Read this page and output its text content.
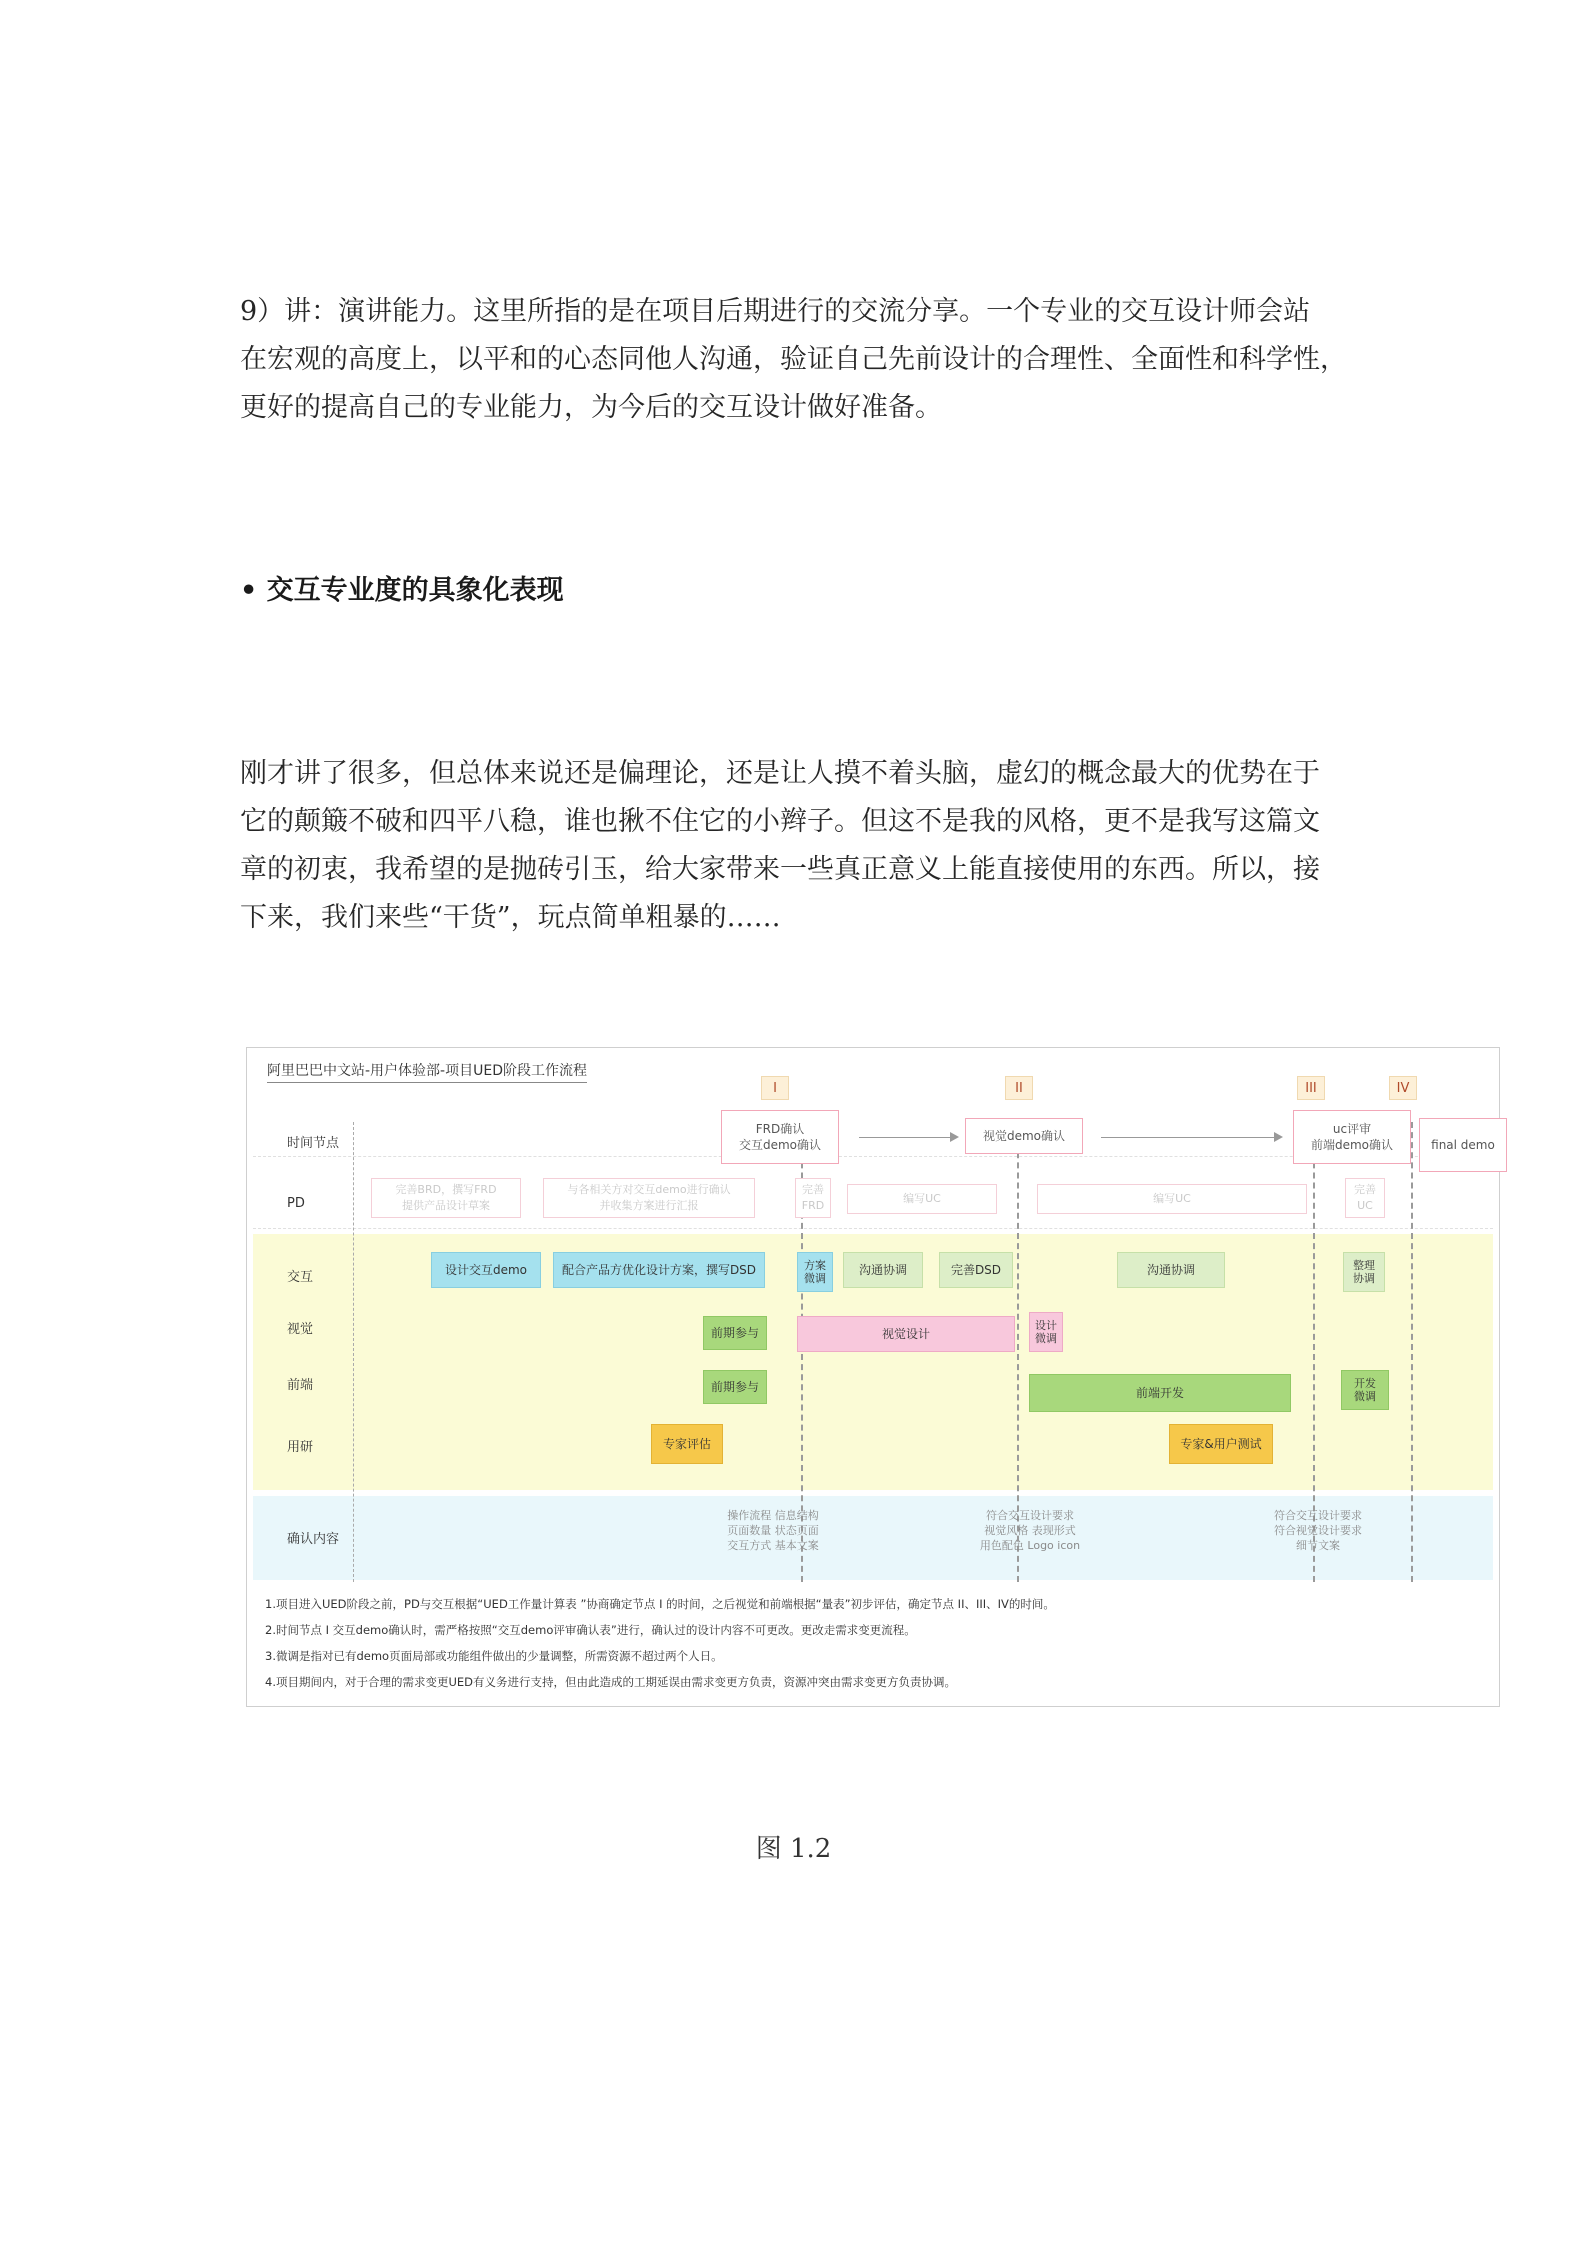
9）讲：演讲能力。这里所指的是在项目后期进行的交流分享。一个专业的交互设计师会站
在宏观的高度上，以平和的心态同他人沟通，验证自己先前设计的合理性、全面性和科学性，
更好的提高自己的专业能力，为今后的交互设计做好准备。
• 交互专业度的具象化表现
刚才讲了很多，但总体来说还是偏理论，还是让人摸不着头脑，虚幻的概念最大的优势在于
它的颠簸不破和四平八稳，谁也揪不住它的小辫子。但这不是我的风格，更不是我写这篇文
章的初衷，我希望的是抛砖引玉，给大家带来一些真正意义上能直接使用的东西。所以，接
下来，我们来些“干货”，玩点简单粗暴的……
阿里巴巴中文站-用户体验部-项目UED阶段工作流程
I	II	III	IV
时间节点
PD
交互
视觉
前端
用研
确认内容
FRD确认
交互demo确认
视觉demo确认	uc评审
前端demo确认	final demo
完善BRD，撰写FRD
提供产品设计草案
与各相关方对交互demo进行确认
并收集方案进行汇报
完善
FRD
编写UC	编写UC
完善
UC
设计交互demo	配合产品方优化设计方案，撰写DSD	方案
微调
沟通协调	完善DSD	沟通协调	整理
协调
前期参与	视觉设计
设计
微调
前期参与	前端开发
开发
微调
专家评估	专家&用户测试
操作流程 信息结构
页面数量 状态页面
交互方式 基本文案
符合交互设计要求
视觉风格 表现形式
用色配色 Logo icon
符合交互设计要求
符合视觉设计要求
细节文案
1.项目进入UED阶段之前，PD与交互根据“UED工作量计算表 ”协商确定节点 I 的时间，之后视觉和前端根据“量表”初步评估，确定节点 II、III、IV的时间。
2.时间节点 I 交互demo确认时，需严格按照“交互demo评审确认表”进行，确认过的设计内容不可更改。更改走需求变更流程。
3.微调是指对已有demo页面局部或功能组件做出的少量调整，所需资源不超过两个人日。
4.项目期间内，对于合理的需求变更UED有义务进行支持，但由此造成的工期延误由需求变更方负责，资源冲突由需求变更方负责协调。

图 1.2
